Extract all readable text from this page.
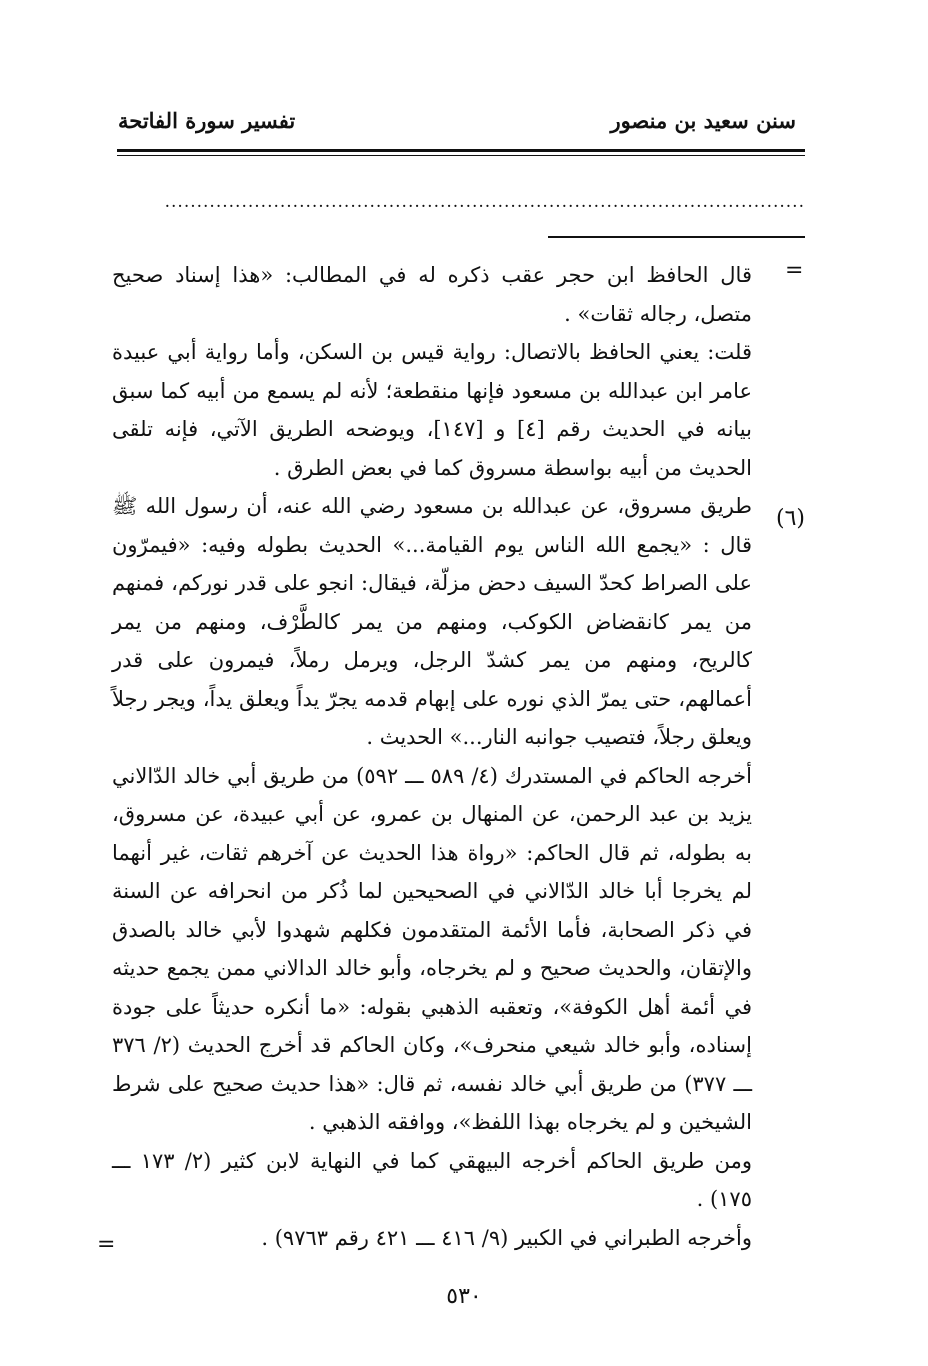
سنن سعيد بن منصور
تفسير سورة الفاتحة
....................................................................................................
=
(٦)

قال الحافظ ابن حجر عقب ذكره له في المطالب: «هذا إسناد صحيح متصل، رجاله ثقات» .

قلت: يعني الحافظ بالاتصال: رواية قيس بن السكن، وأما رواية أبي عبيدة عامر ابن عبدالله بن مسعود فإنها منقطعة؛ لأنه لم يسمع من أبيه كما سبق بيانه في الحديث رقم [٤] و [١٤٧]، ويوضحه الطريق الآتي، فإنه تلقى الحديث من أبيه بواسطة مسروق كما في بعض الطرق .

طريق مسروق، عن عبدالله بن مسعود رضي الله عنه، أن رسول الله ﷺ قال : «يجمع الله الناس يوم القيامة...» الحديث بطوله وفيه: «فيمرّون على الصراط كحدّ السيف دحض مزلّة، فيقال: انجو على قدر نوركم، فمنهم من يمر كانقضاض الكوكب، ومنهم من يمر كالطَّرْف، ومنهم من يمر كالريح، ومنهم من يمر كشدّ الرجل، ويرمل رملاً، فيمرون على قدر أعمالهم، حتى يمرّ الذي نوره على إبهام قدمه يجرّ يداً ويعلق يداً، ويجر رجلاً ويعلق رجلاً، فتصيب جوانبه النار...» الحديث .

أخرجه الحاكم في المستدرك (٤/ ٥٨٩ ـــ ٥٩٢) من طريق أبي خالد الدّالاني يزيد بن عبد الرحمن، عن المنهال بن عمرو، عن أبي عبيدة، عن مسروق، به بطوله، ثم قال الحاكم: «رواة هذا الحديث عن آخرهم ثقات، غير أنهما لم يخرجا أبا خالد الدّالاني في الصحيحين لما ذُكر من انحرافه عن السنة في ذكر الصحابة، فأما الأئمة المتقدمون فكلهم شهدوا لأبي خالد بالصدق والإتقان، والحديث صحيح و لم يخرجاه، وأبو خالد الدالاني ممن يجمع حديثه في أئمة أهل الكوفة»، وتعقبه الذهبي بقوله: «ما أنكره حديثاً على جودة إسناده، وأبو خالد شيعي منحرف»، وكان الحاكم قد أخرج الحديث (٢/ ٣٧٦ ـــ ٣٧٧) من طريق أبي خالد نفسه، ثم قال: «هذا حديث صحيح على شرط الشيخين و لم يخرجاه بهذا اللفظ»، ووافقه الذهبي .

ومن طريق الحاكم أخرجه البيهقي كما في النهاية لابن كثير (٢/ ١٧٣ ـــ ١٧٥) .

وأخرجه الطبراني في الكبير (٩/ ٤١٦ ـــ ٤٢١ رقم ٩٧٦٣) .

=
٥٣٠
